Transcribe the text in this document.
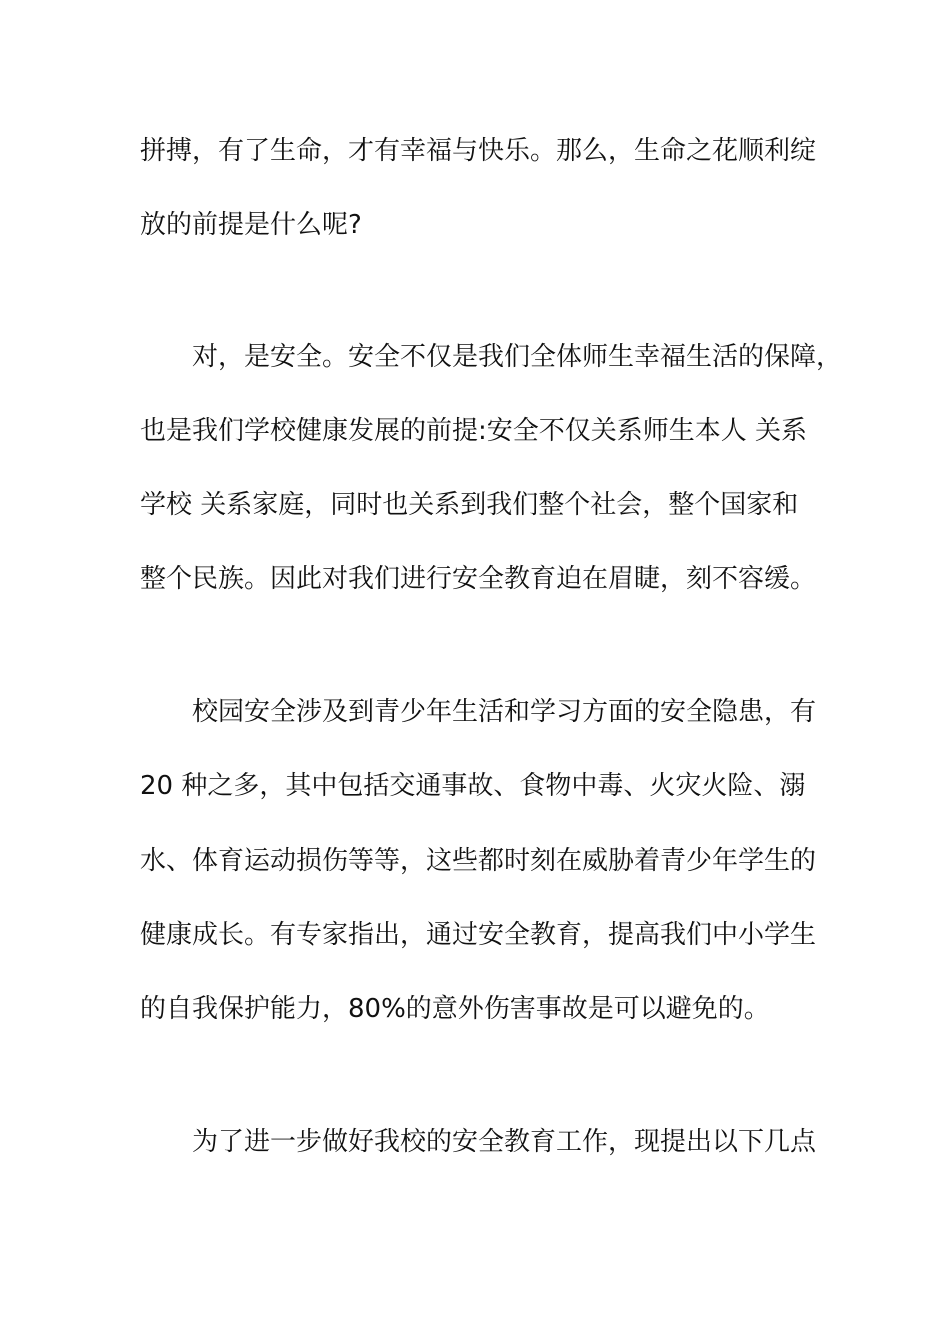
拼搏，有了生命，才有幸福与快乐。那么，生命之花顺利绽
放的前提是什么呢?
　　对，是安全。安全不仅是我们全体师生幸福生活的保障，
也是我们学校健康发展的前提:安全不仅关系师生本人 关系
学校 关系家庭，同时也关系到我们整个社会，整个国家和
整个民族。因此对我们进行安全教育迫在眉睫，刻不容缓。
　　校园安全涉及到青少年生活和学习方面的安全隐患，有
20 种之多，其中包括交通事故、食物中毒、火灾火险、溺
水、体育运动损伤等等，这些都时刻在威胁着青少年学生的
健康成长。有专家指出，通过安全教育，提高我们中小学生
的自我保护能力，80%的意外伤害事故是可以避免的。
　　为了进一步做好我校的安全教育工作，现提出以下几点
